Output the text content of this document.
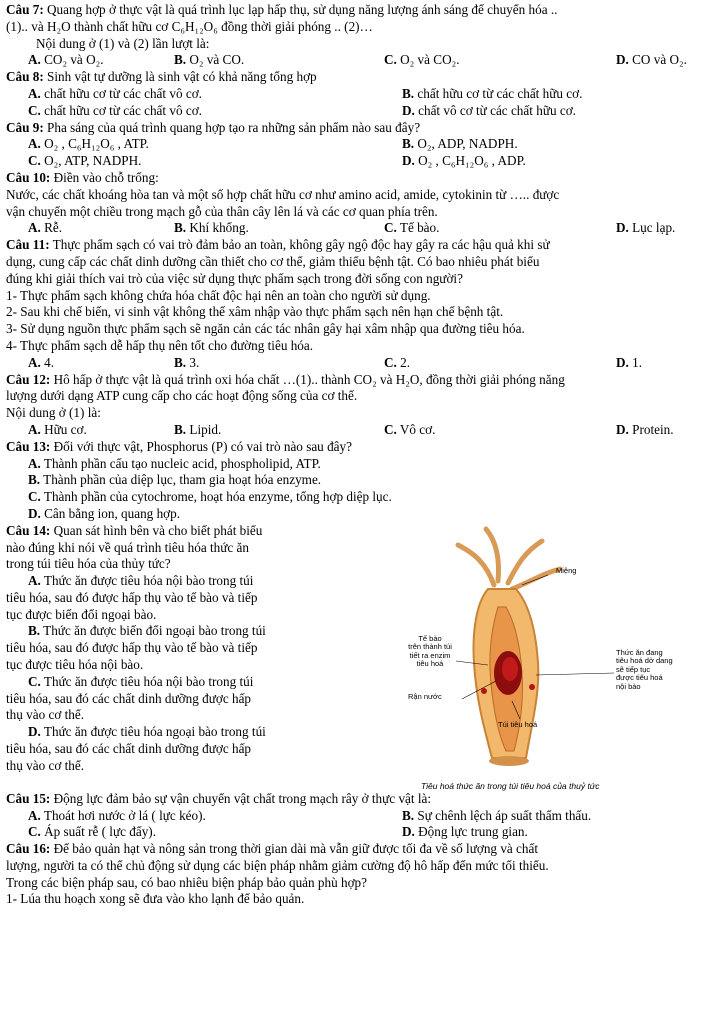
Câu 7: Quang hợp ở thực vật là quá trình lục lạp hấp thụ, sử dụng năng lượng ánh sáng để chuyển hóa ..
(1).. và H₂O thành chất hữu cơ C₆H₁₂O₆ đồng thời giải phóng .. (2)…
Nội dung ở (1) và (2) lần lượt là:
A. CO₂ và O₂.	B. O₂ và CO.	C. O₂ và CO₂.	D. CO và O₂.
Câu 8: Sinh vật tự dưỡng là sinh vật có khả năng tổng hợp
A. chất hữu cơ từ các chất vô cơ.	B. chất hữu cơ từ các chất hữu cơ.
C. chất hữu cơ từ các chất vô cơ.	D. chất vô cơ từ các chất hữu cơ.
Câu 9: Pha sáng của quá trình quang hợp tạo ra những sản phẩm nào sau đây?
A. O₂ , C₆H₁₂O₆ , ATP.	B. O₂, ADP, NADPH.
C. O₂, ATP, NADPH.	D. O₂ , C₆H₁₂O₆ , ADP.
Câu 10: Điền vào chỗ trống:
Nước, các chất khoáng hòa tan và một số hợp chất hữu cơ như amino acid, amide, cytokinin từ ….. được
vận chuyển một chiều trong mạch gỗ của thân cây lên lá và các cơ quan phía trên.
A. Rễ.	B. Khí khổng.	C. Tế bào.	D. Lục lạp.
Câu 11: Thực phẩm sạch có vai trò đảm bảo an toàn, không gây ngộ độc hay gây ra các hậu quả khi sử
dụng, cung cấp các chất dinh dưỡng cần thiết cho cơ thể, giảm thiểu bệnh tật. Có bao nhiêu phát biểu
đúng khi giải thích vai trò của việc sử dụng thực phẩm sạch trong đời sống con người?
1- Thực phẩm sạch không chứa hóa chất độc hại nên an toàn cho người sử dụng.
2- Sau khi chế biến, vi sinh vật không thể xâm nhập vào thực phẩm sạch nên hạn chế bệnh tật.
3- Sử dụng nguồn thực phẩm sạch sẽ ngăn cản các tác nhân gây hại xâm nhập qua đường tiêu hóa.
4- Thực phẩm sạch dễ hấp thụ nên tốt cho đường tiêu hóa.
A. 4.	B. 3.	C. 2.	D. 1.
Câu 12: Hô hấp ở thực vật là quá trình oxi hóa chất …(1).. thành CO₂ và H₂O, đồng thời giải phóng năng
lượng dưới dạng ATP cung cấp cho các hoạt động sống của cơ thể.
Nội dung ở (1) là:
A. Hữu cơ.	B. Lipid.	C. Vô cơ.	D. Protein.
Câu 13: Đối với thực vật, Phosphorus (P) có vai trò nào sau đây?
A. Thành phần cấu tạo nucleic acid, phospholipid, ATP.
B. Thành phần của diệp lục, tham gia hoạt hóa enzyme.
C. Thành phần của cytochrome, hoạt hóa enzyme, tổng hợp diệp lục.
D. Cân bằng ion, quang hợp.
Câu 14: Quan sát hình bên và cho biết phát biểu
nào đúng khi nói về quá trình tiêu hóa thức ăn
trong túi tiêu hóa của thủy tức?
A. Thức ăn được tiêu hóa nội bào trong túi
tiêu hóa, sau đó được hấp thụ vào tế bào và tiếp
tục được biến đổi ngoại bào.
B. Thức ăn được biến đổi ngoại bào trong túi
tiêu hóa, sau đó được hấp thụ vào tế bào và tiếp
tục được tiêu hóa nội bào.
C. Thức ăn được tiêu hóa nội bào trong túi
tiêu hóa, sau đó các chất dinh dưỡng được hấp
thụ vào cơ thể.
D. Thức ăn được tiêu hóa ngoại bào trong túi
tiêu hóa, sau đó các chất dinh dưỡng được hấp
thụ vào cơ thể.
Miệng
Tế bào
trên thành túi
tiết ra enzim
tiêu hoá
Rận nước
Túi tiêu hoá
Thức ăn đang
tiêu hoá dở dang
sẽ tiếp tục
được tiêu hoá
nội bào
Tiêu hoá thức ăn trong túi tiêu hoá của thuỷ tức
Câu 15: Động lực đảm bảo sự vận chuyển vật chất trong mạch rây ở thực vật là:
A. Thoát hơi nước ở lá ( lực kéo).	B. Sự chênh lệch áp suất thẩm thấu.
C. Áp suất rễ ( lực đẩy).	D. Động lực trung gian.
Câu 16: Để bảo quản hạt và nông sản trong thời gian dài mà vẫn giữ được tối đa về số lượng và chất
lượng, người ta có thể chủ động sử dụng các biện pháp nhằm giảm cường độ hô hấp đến mức tối thiểu.
Trong các biện pháp sau, có bao nhiêu biện pháp bảo quản phù hợp?
1- Lúa thu hoạch xong sẽ đưa vào kho lạnh để bảo quản.
